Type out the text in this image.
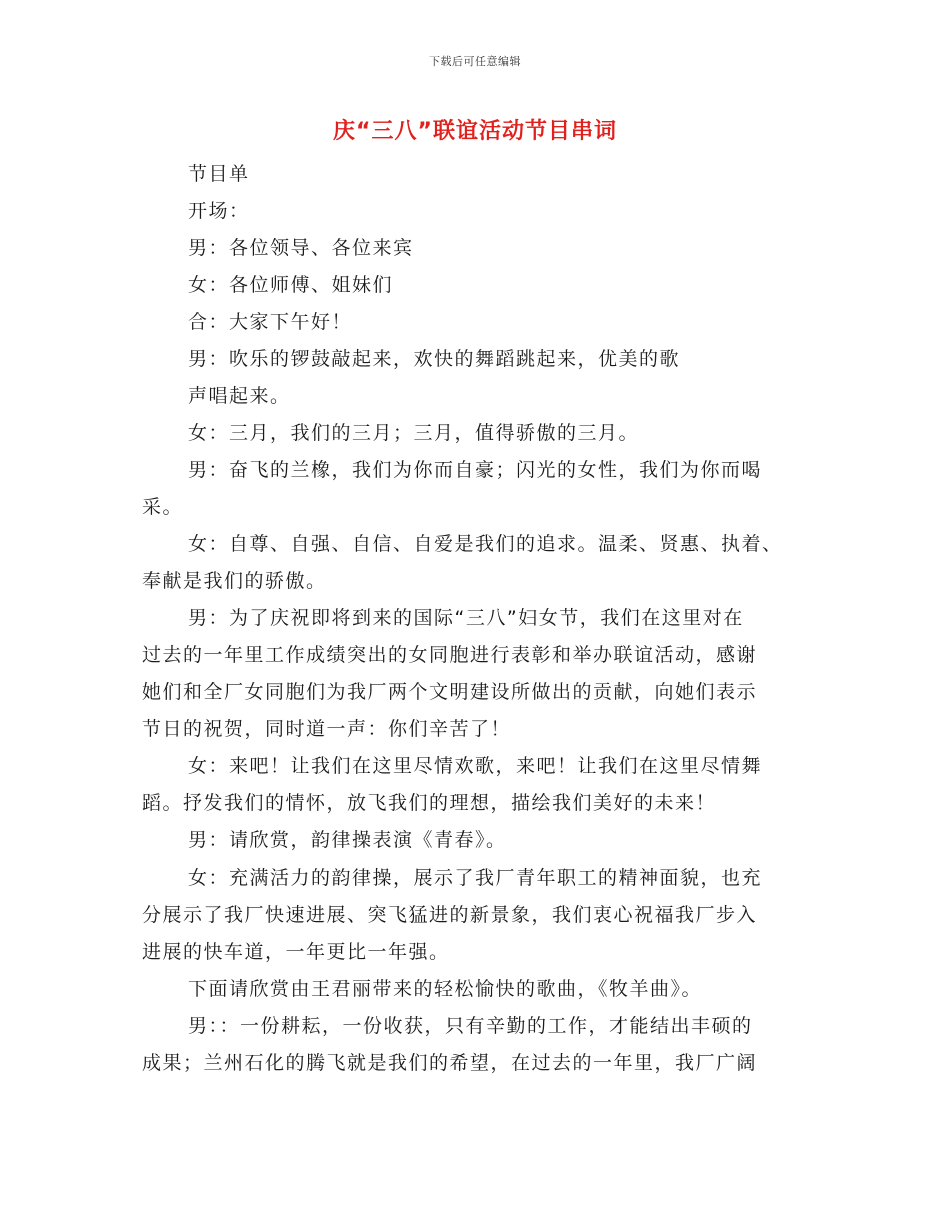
下载后可任意编辑
庆“三八”联谊活动节目串词
节目单
开场：
男：各位领导、各位来宾
女：各位师傅、姐妹们
合：大家下午好！
男：吹乐的锣鼓敲起来，欢快的舞蹈跳起来，优美的歌
声唱起来。
女：三月，我们的三月；三月，值得骄傲的三月。
男：奋飞的兰橡，我们为你而自豪；闪光的女性，我们为你而喝
采。
女：自尊、自强、自信、自爱是我们的追求。温柔、贤惠、执着、
奉献是我们的骄傲。
男：为了庆祝即将到来的国际“三八”妇女节，我们在这里对在
过去的一年里工作成绩突出的女同胞进行表彰和举办联谊活动，感谢
她们和全厂女同胞们为我厂两个文明建设所做出的贡献，向她们表示
节日的祝贺，同时道一声：你们辛苦了！
女：来吧！让我们在这里尽情欢歌，来吧！让我们在这里尽情舞
蹈。抒发我们的情怀，放飞我们的理想，描绘我们美好的未来！
男：请欣赏，韵律操表演《青春》。
女：充满活力的韵律操，展示了我厂青年职工的精神面貌，也充
分展示了我厂快速进展、突飞猛进的新景象，我们衷心祝福我厂步入
进展的快车道，一年更比一年强。
下面请欣赏由王君丽带来的轻松愉快的歌曲，《牧羊曲》。
男：：一份耕耘，一份收获，只有辛勤的工作，才能结出丰硕的
成果；兰州石化的腾飞就是我们的希望，在过去的一年里，我厂广阔
